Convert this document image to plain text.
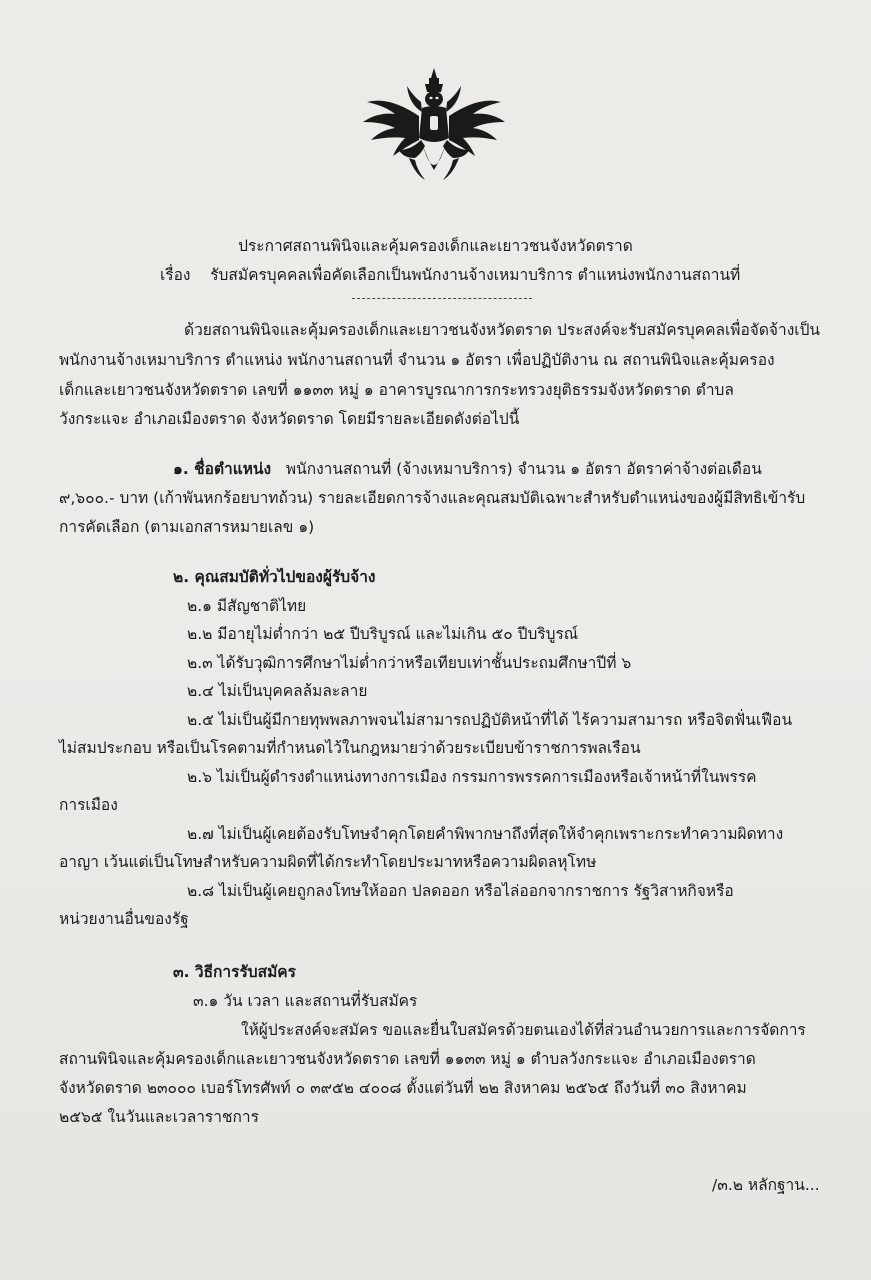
ประกาศสถานพินิจและคุ้มครองเด็กและเยาวชนจังหวัดตราด
เรื่อง รับสมัครบุคคลเพื่อคัดเลือกเป็นพนักงานจ้างเหมาบริการ ตำแหน่งพนักงานสถานที่
ด้วยสถานพินิจและคุ้มครองเด็กและเยาวชนจังหวัดตราด ประสงค์จะรับสมัครบุคคลเพื่อจัดจ้างเป็น
พนักงานจ้างเหมาบริการ ตำแหน่ง พนักงานสถานที่ จำนวน ๑ อัตรา เพื่อปฏิบัติงาน ณ สถานพินิจและคุ้มครอง
เด็กและเยาวชนจังหวัดตราด เลขที่ ๑๑๓๓ หมู่ ๑ อาคารบูรณาการกระทรวงยุติธรรมจังหวัดตราด ตำบล
วังกระแจะ อำเภอเมืองตราด จังหวัดตราด โดยมีรายละเอียดดังต่อไปนี้
๑. ชื่อตำแหน่ง พนักงานสถานที่ (จ้างเหมาบริการ) จำนวน ๑ อัตรา อัตราค่าจ้างต่อเดือน
๙,๖๐๐.- บาท (เก้าพันหกร้อยบาทถ้วน) รายละเอียดการจ้างและคุณสมบัติเฉพาะสำหรับตำแหน่งของผู้มีสิทธิเข้ารับ
การคัดเลือก (ตามเอกสารหมายเลข ๑)
๒. คุณสมบัติทั่วไปของผู้รับจ้าง
๒.๑ มีสัญชาติไทย
๒.๒ มีอายุไม่ต่ำกว่า ๒๕ ปีบริบูรณ์ และไม่เกิน ๕๐ ปีบริบูรณ์
๒.๓ ได้รับวุฒิการศึกษาไม่ต่ำกว่าหรือเทียบเท่าชั้นประถมศึกษาปีที่ ๖
๒.๔ ไม่เป็นบุคคลล้มละลาย
๒.๕ ไม่เป็นผู้มีกายทุพพลภาพจนไม่สามารถปฏิบัติหน้าที่ได้ ไร้ความสามารถ หรือจิตฟั่นเฟือน
ไม่สมประกอบ หรือเป็นโรคตามที่กำหนดไว้ในกฎหมายว่าด้วยระเบียบข้าราชการพลเรือน
๒.๖ ไม่เป็นผู้ดำรงตำแหน่งทางการเมือง กรรมการพรรคการเมืองหรือเจ้าหน้าที่ในพรรค
การเมือง
๒.๗ ไม่เป็นผู้เคยต้องรับโทษจำคุกโดยคำพิพากษาถึงที่สุดให้จำคุกเพราะกระทำความผิดทาง
อาญา เว้นแต่เป็นโทษสำหรับความผิดที่ได้กระทำโดยประมาทหรือความผิดลหุโทษ
๒.๘ ไม่เป็นผู้เคยถูกลงโทษให้ออก ปลดออก หรือไล่ออกจากราชการ รัฐวิสาหกิจหรือ
หน่วยงานอื่นของรัฐ
๓. วิธีการรับสมัคร
๓.๑ วัน เวลา และสถานที่รับสมัคร
ให้ผู้ประสงค์จะสมัคร ขอและยื่นใบสมัครด้วยตนเองได้ที่ส่วนอำนวยการและการจัดการ
สถานพินิจและคุ้มครองเด็กและเยาวชนจังหวัดตราด เลขที่ ๑๑๓๓ หมู่ ๑ ตำบลวังกระแจะ อำเภอเมืองตราด
จังหวัดตราด ๒๓๐๐๐ เบอร์โทรศัพท์ ๐ ๓๙๕๒ ๔๐๐๘ ตั้งแต่วันที่ ๒๒ สิงหาคม ๒๕๖๕ ถึงวันที่ ๓๐ สิงหาคม
๒๕๖๕ ในวันและเวลาราชการ
/๓.๒ หลักฐาน...
